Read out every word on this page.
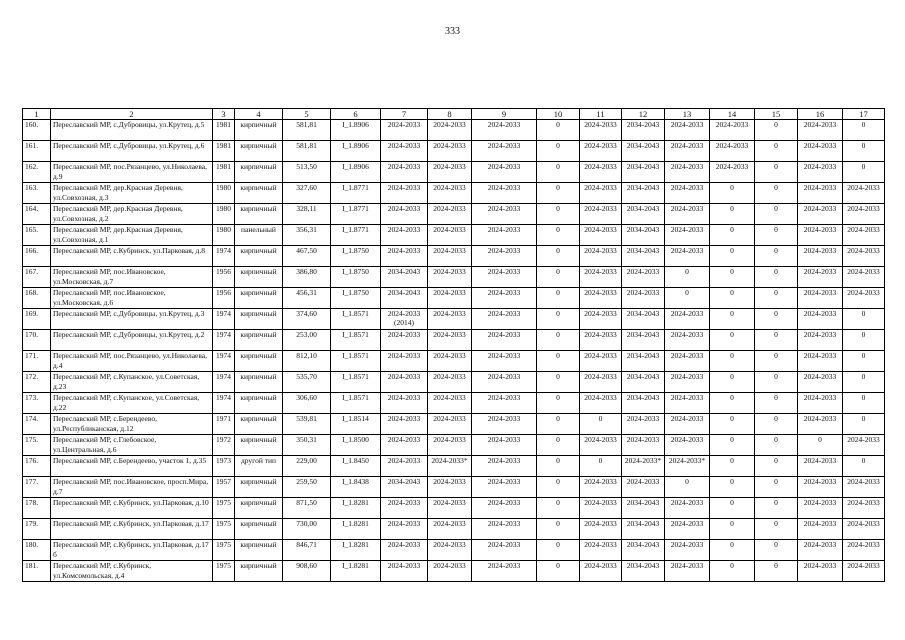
333
1	2	3	4	5	6	7	8	9	10	11	12	13	14	15	16	17
160.	Переславский МР, с.Дубровицы, ул.Крутец, д.5	1981	кирпичный	581,81	I_1.8906	2024-2033	2024-2033	2024-2033	0	2024-2033	2034-2043	2024-2033	2024-2033	0	2024-2033	0
161.	Переславский МР, с.Дубровицы, ул.Крутец, д.6	1981	кирпичный	581,81	I_1.8906	2024-2033	2024-2033	2024-2033	0	2024-2033	2034-2043	2024-2033	2024-2033	0	2024-2033	0
162.	Переславский МР, пос.Рязанцево, ул.Николаева, д.9	1981	кирпичный	513,50	I_1.8906	2024-2033	2024-2033	2024-2033	0	2024-2033	2034-2043	2024-2033	2024-2033	0	2024-2033	0
163.	Переславский МР, дер.Красная Деревня, ул.Совхозная, д.3	1980	кирпичный	327,60	I_1.8771	2024-2033	2024-2033	2024-2033	0	2024-2033	2034-2043	2024-2033	0	0	2024-2033	2024-2033
164.	Переславский МР, дер.Красная Деревня, ул.Совхозная, д.2	1980	кирпичный	328,11	I_1.8771	2024-2033	2024-2033	2024-2033	0	2024-2033	2034-2043	2024-2033	0	0	2024-2033	2024-2033
165.	Переславский МР, дер.Красная Деревня, ул.Совхозная, д.1	1980	панельный	356,31	I_1.8771	2024-2033	2024-2033	2024-2033	0	2024-2033	2034-2043	2024-2033	0	0	2024-2033	2024-2033
166.	Переславский МР, с.Кубринск, ул.Парковая, д.8	1974	кирпичный	467,50	I_1.8750	2024-2033	2024-2033	2024-2033	0	2024-2033	2034-2043	2024-2033	0	0	2024-2033	2024-2033
167.	Переславский МР, пос.Ивановское, ул.Московская, д.7	1956	кирпичный	386,80	I_1.8750	2034-2043	2024-2033	2024-2033	0	2024-2033	2024-2033	0	0	0	2024-2033	2024-2033
168.	Переславский МР, пос.Ивановское, ул.Московская, д.6	1956	кирпичный	456,31	I_1.8750	2034-2043	2024-2033	2024-2033	0	2024-2033	2024-2033	0	0	0	2024-2033	2024-2033
169.	Переславский МР, с.Дубровицы, ул.Крутец, д.3	1974	кирпичный	374,60	I_1.8571	2024-2033 (2014)	2024-2033	2024-2033	0	2024-2033	2034-2043	2024-2033	0	0	2024-2033	0
170.	Переславский МР, с.Дубровицы, ул.Крутец, д.2	1974	кирпичный	253,00	I_1.8571	2024-2033	2024-2033	2024-2033	0	2024-2033	2034-2043	2024-2033	0	0	2024-2033	0
171.	Переславский МР, пос.Рязанцево, ул.Николаева, д.4	1974	кирпичный	812,10	I_1.8571	2024-2033	2024-2033	2024-2033	0	2024-2033	2034-2043	2024-2033	0	0	2024-2033	0
172.	Переславский МР, с.Купанское, ул.Советская, д.23	1974	кирпичный	535,70	I_1.8571	2024-2033	2024-2033	2024-2033	0	2024-2033	2034-2043	2024-2033	0	0	2024-2033	0
173.	Переславский МР, с.Купанское, ул.Советская, д.22	1974	кирпичный	306,60	I_1.8571	2024-2033	2024-2033	2024-2033	0	2024-2033	2034-2043	2024-2033	0	0	2024-2033	0
174.	Переславский МР, с.Берендеево, ул.Республиканская, д.12	1971	кирпичный	539,81	I_1.8514	2024-2033	2024-2033	2024-2033	0	0	2024-2033	2024-2033	0	0	2024-2033	0
175.	Переславский МР, с.Глебовское, ул.Центральная, д.6	1972	кирпичный	350,31	I_1.8500	2024-2033	2024-2033	2024-2033	0	2024-2033	2024-2033	2024-2033	0	0	0	2024-2033
176.	Переславский МР, с.Берендеево, участок 1, д.35	1973	другой тип	229,00	I_1.8450	2024-2033	2024-2033*	2024-2033	0	0	2024-2033*	2024-2033*	0	0	2024-2033	0
177.	Переславский МР, пос.Ивановское, просп.Мира, д.7	1957	кирпичный	259,50	I_1.8438	2034-2043	2024-2033	2024-2033	0	2024-2033	2024-2033	0	0	0	2024-2033	2024-2033
178.	Переславский МР, с.Кубринск, ул.Парковая, д.10	1975	кирпичный	871,50	I_1.8281	2024-2033	2024-2033	2024-2033	0	2024-2033	2034-2043	2024-2033	0	0	2024-2033	2024-2033
179.	Переславский МР, с.Кубринск, ул.Парковая, д.17	1975	кирпичный	730,00	I_1.8281	2024-2033	2024-2033	2024-2033	0	2024-2033	2034-2043	2024-2033	0	0	2024-2033	2024-2033
180.	Переславский МР, с.Кубринск, ул.Парковая, д.17 б	1975	кирпичный	846,71	I_1.8281	2024-2033	2024-2033	2024-2033	0	2024-2033	2034-2043	2024-2033	0	0	2024-2033	2024-2033
181.	Переславский МР, с.Кубринск, ул.Комсомольская, д.4	1975	кирпичный	908,60	I_1.8281	2024-2033	2024-2033	2024-2033	0	2024-2033	2034-2043	2024-2033	0	0	2024-2033	2024-2033
